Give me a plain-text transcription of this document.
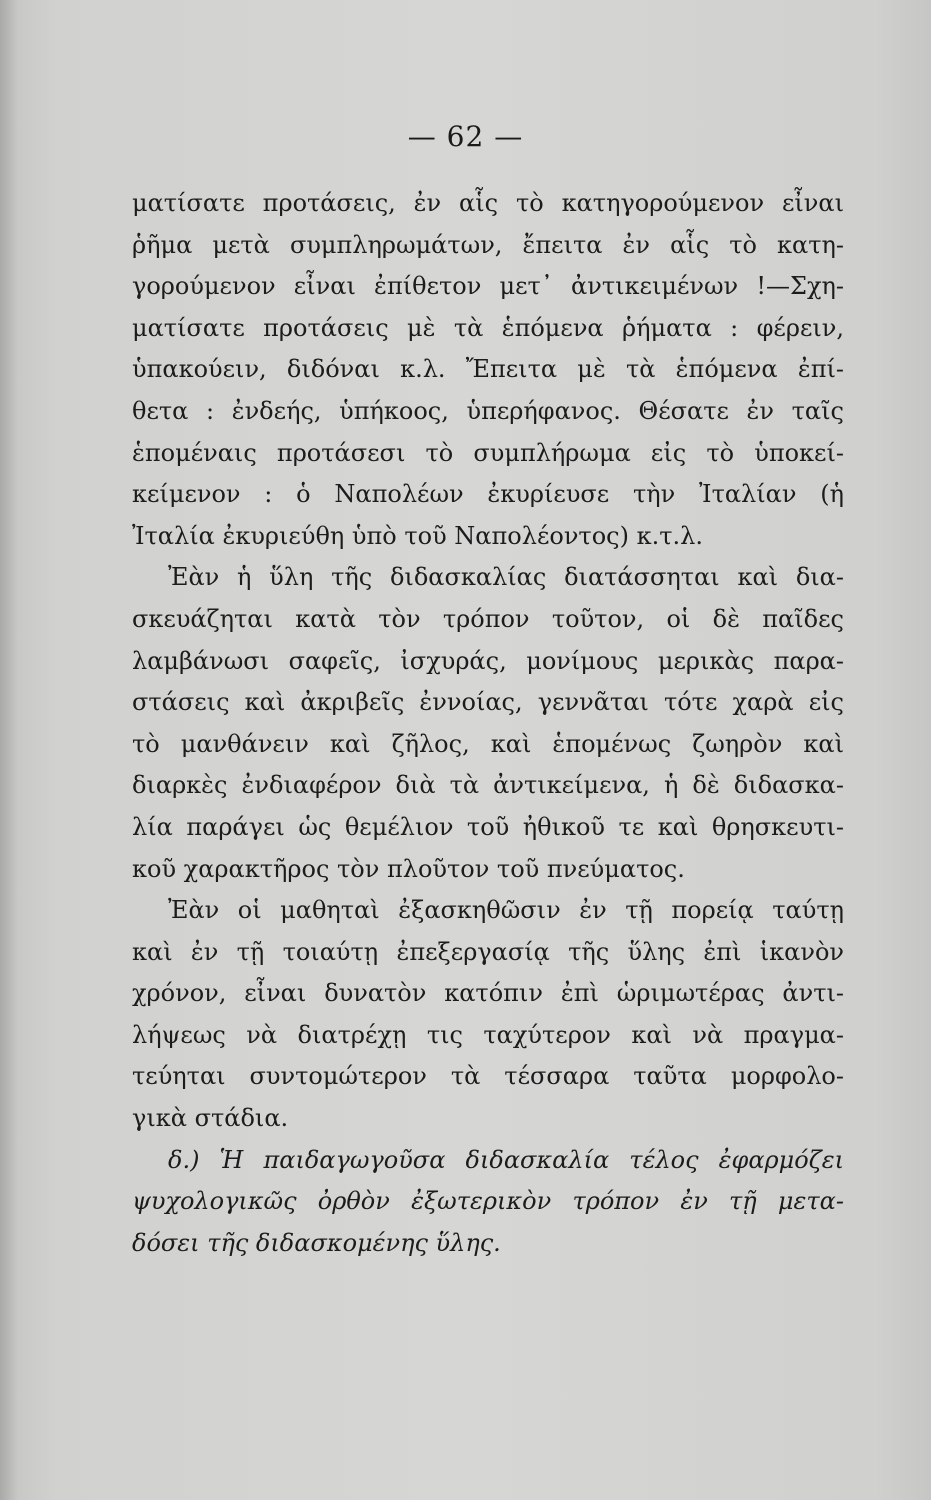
— 62 —
ματίσατε προτάσεις, ἐν αἷς τὸ κατηγορούμενον εἶναι
ῥῆμα μετὰ συμπληρωμάτων, ἔπειτα ἐν αἷς τὸ κατη-
γορούμενον εἶναι ἐπίθετον μετ᾽ ἀντικειμένων !—Σχη-
ματίσατε προτάσεις μὲ τὰ ἑπόμενα ῥήματα : φέρειν,
ὑπακούειν, διδόναι κ.λ. Ἔπειτα μὲ τὰ ἑπόμενα ἐπί-
θετα : ἐνδεής, ὑπήκοος, ὑπερήφανος. Θέσατε ἐν ταῖς
ἑπομέναις προτάσεσι τὸ συμπλήρωμα εἰς τὸ ὑποκεί-
κείμενον : ὁ Ναπολέων ἐκυρίευσε τὴν Ἰταλίαν (ἡ
Ἰταλία ἐκυριεύθη ὑπὸ τοῦ Ναπολέοντος) κ.τ.λ.
Ἐὰν ἡ ὕλη τῆς διδασκαλίας διατάσσηται καὶ δια-
σκευάζηται κατὰ τὸν τρόπον τοῦτον, οἱ δὲ παῖδες
λαμβάνωσι σαφεῖς, ἰσχυράς, μονίμους μερικὰς παρα-
στάσεις καὶ ἀκριβεῖς ἐννοίας, γεννᾶται τότε χαρὰ εἰς
τὸ μανθάνειν καὶ ζῆλος, καὶ ἑπομένως ζωηρὸν καὶ
διαρκὲς ἐνδιαφέρον διὰ τὰ ἀντικείμενα, ἡ δὲ διδασκα-
λία παράγει ὡς θεμέλιον τοῦ ἠθικοῦ τε καὶ θρησκευτι-
κοῦ χαρακτῆρος τὸν πλοῦτον τοῦ πνεύματος.
Ἐὰν οἱ μαθηταὶ ἐξασκηθῶσιν ἐν τῇ πορείᾳ ταύτῃ
καὶ ἐν τῇ τοιαύτῃ ἐπεξεργασίᾳ τῆς ὕλης ἐπὶ ἱκανὸν
χρόνον, εἶναι δυνατὸν κατόπιν ἐπὶ ὡριμωτέρας ἀντι-
λήψεως νὰ διατρέχῃ τις ταχύτερον καὶ νὰ πραγμα-
τεύηται συντομώτερον τὰ τέσσαρα ταῦτα μορφολο-
γικὰ στάδια.
δ.) Ἡ παιδαγωγοῦσα διδασκαλία τέλος ἐφαρμόζει
ψυχολογικῶς ὀρθὸν ἐξωτερικὸν τρόπον ἐν τῇ μετα-
δόσει τῆς διδασκομένης ὕλης.
